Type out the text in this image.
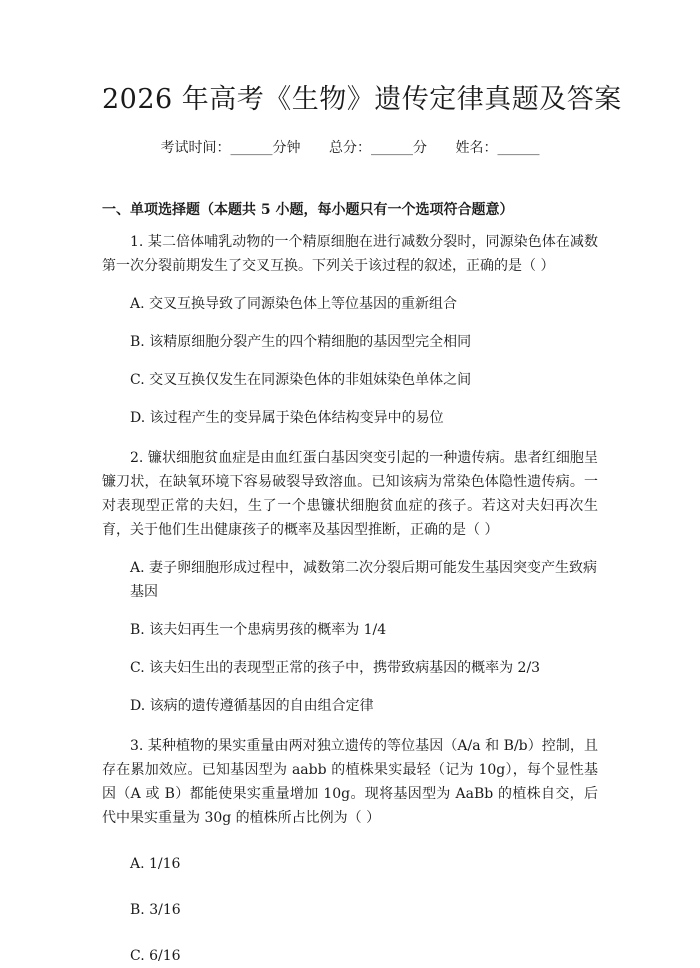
2026 年高考《生物》遗传定律真题及答案
考试时间：______分钟 总分：______分 姓名：______
一、单项选择题（本题共 5 小题，每小题只有一个选项符合题意）
1. 某二倍体哺乳动物的一个精原细胞在进行减数分裂时，同源染色体在减数第一次分裂前期发生了交叉互换。下列关于该过程的叙述，正确的是（ ）
A. 交叉互换导致了同源染色体上等位基因的重新组合
B. 该精原细胞分裂产生的四个精细胞的基因型完全相同
C. 交叉互换仅发生在同源染色体的非姐妹染色单体之间
D. 该过程产生的变异属于染色体结构变异中的易位
2. 镰状细胞贫血症是由血红蛋白基因突变引起的一种遗传病。患者红细胞呈镰刀状，在缺氧环境下容易破裂导致溶血。已知该病为常染色体隐性遗传病。一对表现型正常的夫妇，生了一个患镰状细胞贫血症的孩子。若这对夫妇再次生育，关于他们生出健康孩子的概率及基因型推断，正确的是（ ）
A. 妻子卵细胞形成过程中，减数第二次分裂后期可能发生基因突变产生致病基因
B. 该夫妇再生一个患病男孩的概率为 1/4
C. 该夫妇生出的表现型正常的孩子中，携带致病基因的概率为 2/3
D. 该病的遗传遵循基因的自由组合定律
3. 某种植物的果实重量由两对独立遗传的等位基因（A/a 和 B/b）控制，且存在累加效应。已知基因型为 aabb 的植株果实最轻（记为 10g），每个显性基因（A 或 B）都能使果实重量增加 10g。现将基因型为 AaBb 的植株自交，后代中果实重量为 30g 的植株所占比例为（ ）
A. 1/16
B. 3/16
C. 6/16
